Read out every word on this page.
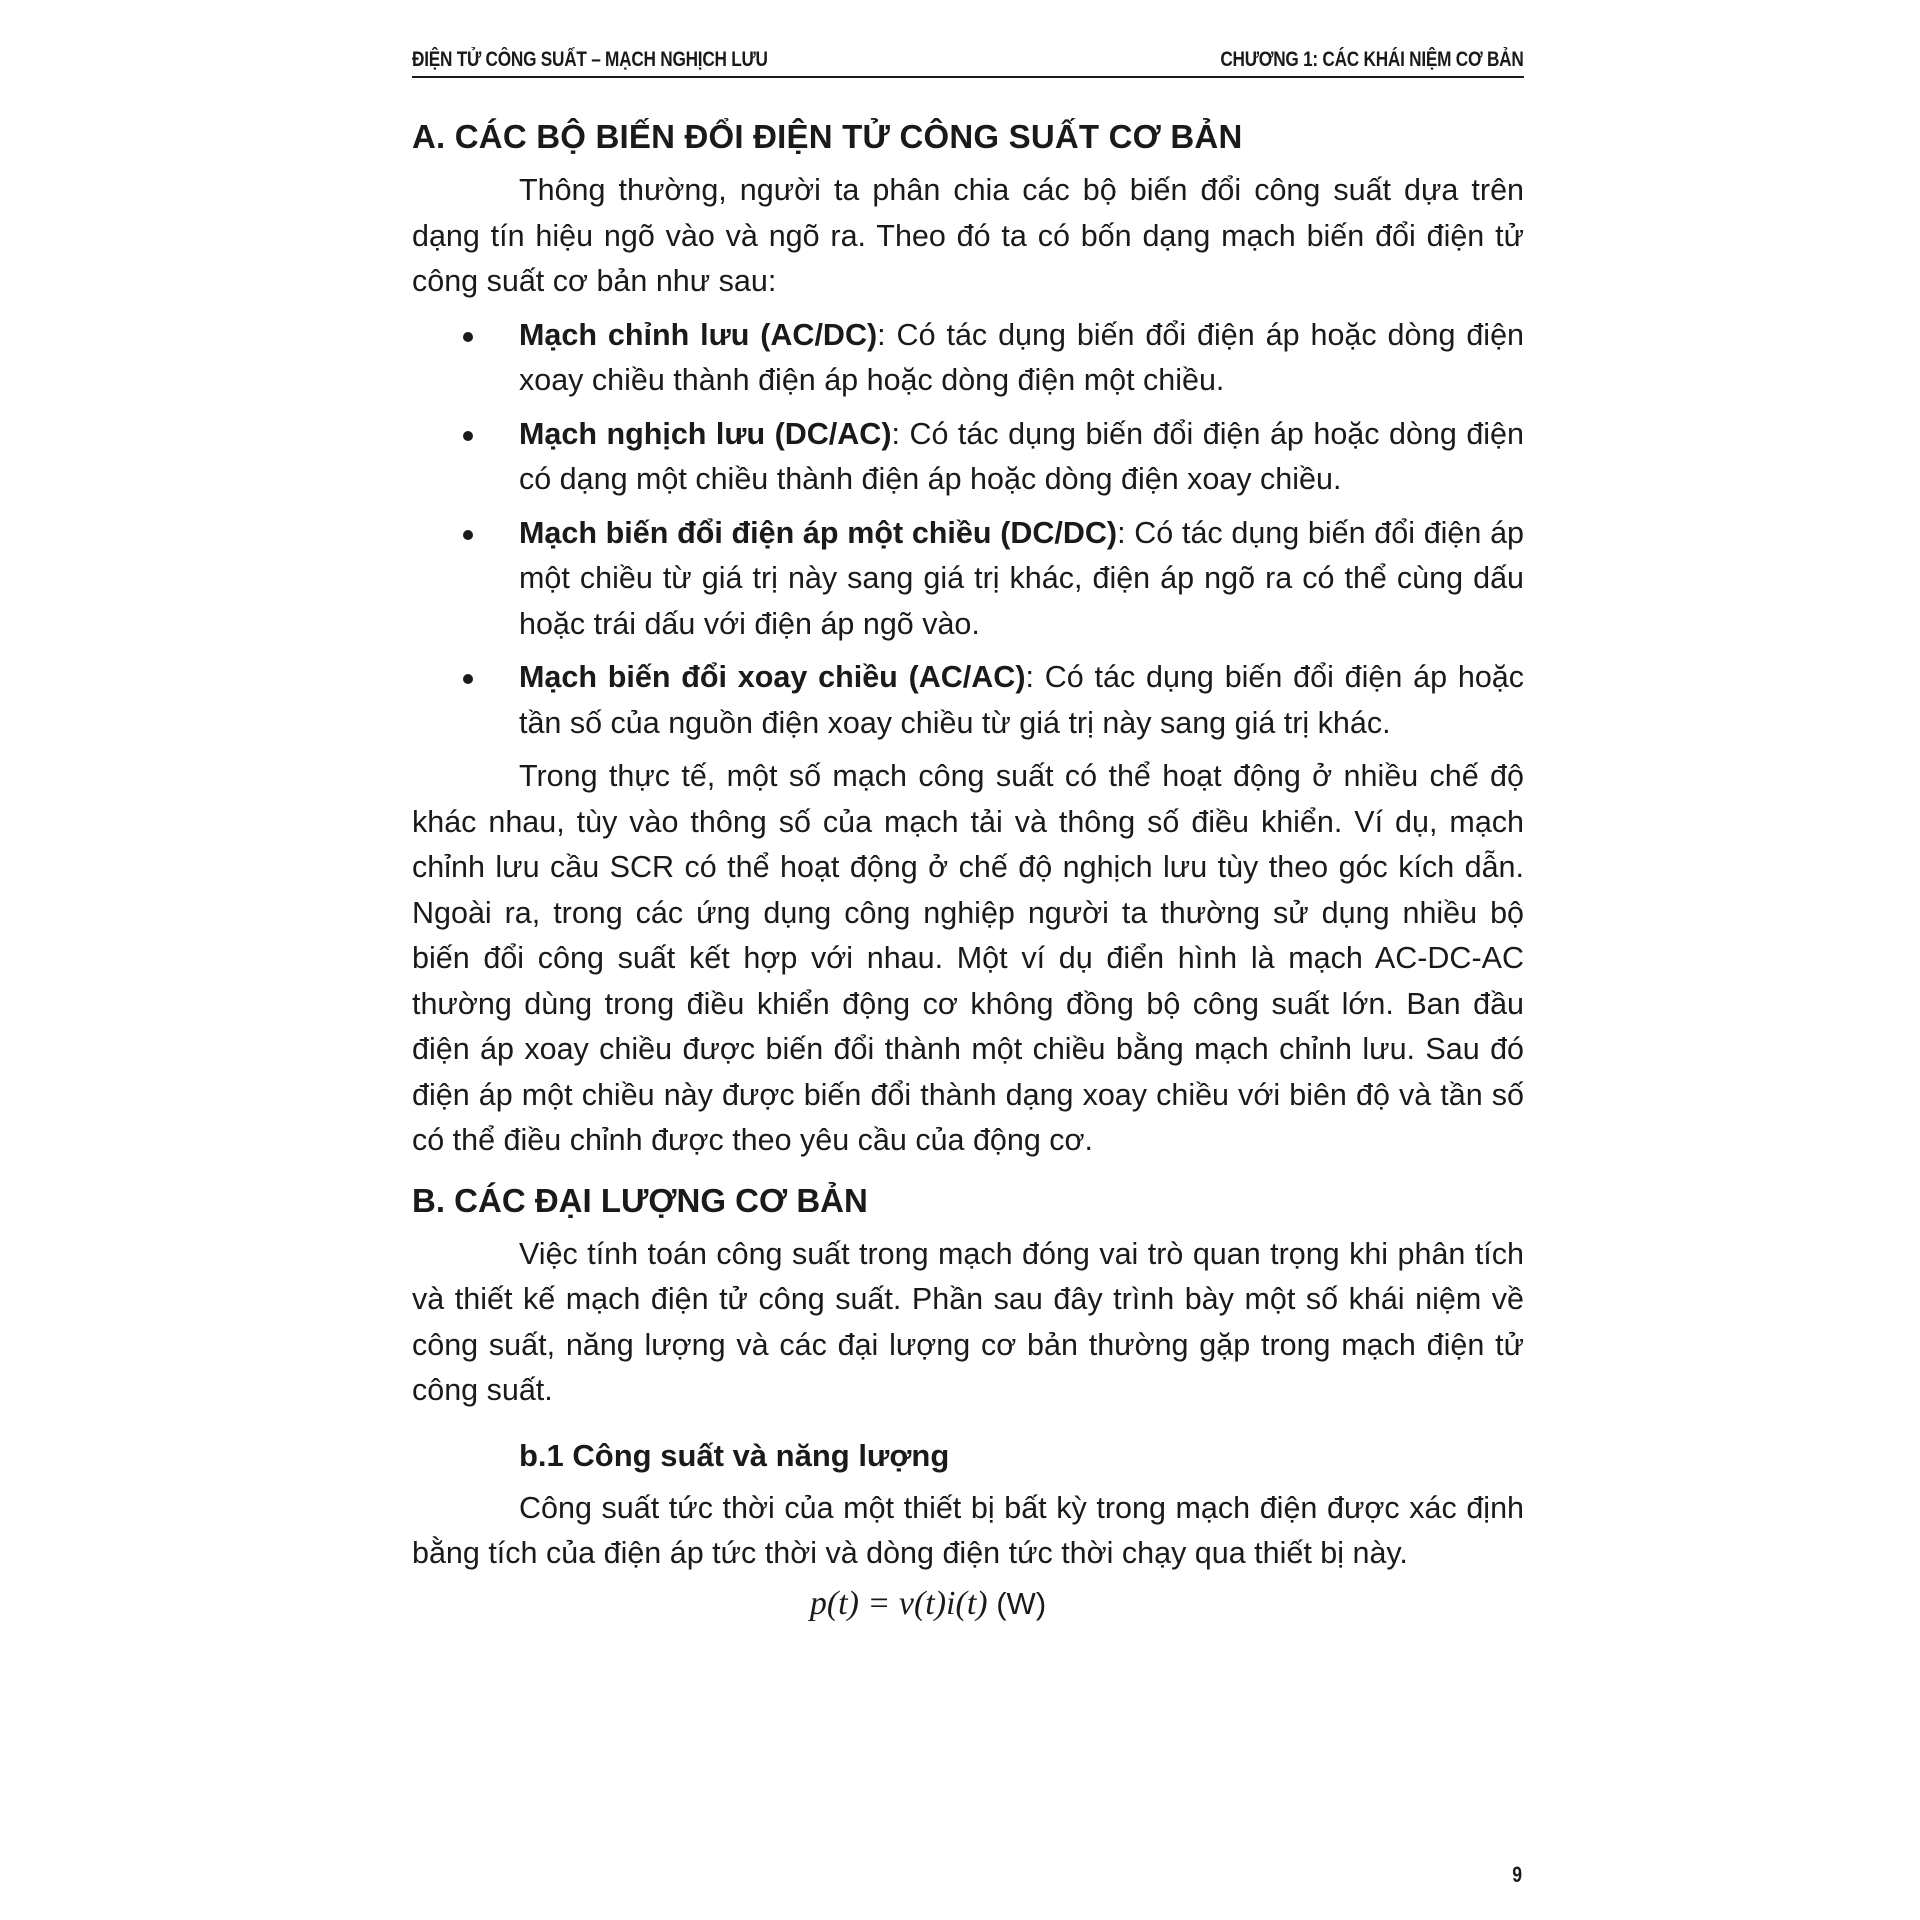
ĐIỆN TỬ CÔNG SUẤT – MẠCH NGHỊCH LƯU	CHƯƠNG 1: CÁC KHÁI NIỆM CƠ BẢN
A. CÁC BỘ BIẾN ĐỔI ĐIỆN TỬ CÔNG SUẤT CƠ BẢN

Thông thường, người ta phân chia các bộ biến đổi công suất dựa trên dạng tín hiệu ngõ vào và ngõ ra. Theo đó ta có bốn dạng mạch biến đổi điện tử công suất cơ bản như sau:

Mạch chỉnh lưu (AC/DC): Có tác dụng biến đổi điện áp hoặc dòng điện xoay chiều thành điện áp hoặc dòng điện một chiều.
Mạch nghịch lưu (DC/AC): Có tác dụng biến đổi điện áp hoặc dòng điện có dạng một chiều thành điện áp hoặc dòng điện xoay chiều.
Mạch biến đổi điện áp một chiều (DC/DC): Có tác dụng biến đổi điện áp một chiều từ giá trị này sang giá trị khác, điện áp ngõ ra có thể cùng dấu hoặc trái dấu với điện áp ngõ vào.
Mạch biến đổi xoay chiều (AC/AC): Có tác dụng biến đổi điện áp hoặc tần số của nguồn điện xoay chiều từ giá trị này sang giá trị khác.

Trong thực tế, một số mạch công suất có thể hoạt động ở nhiều chế độ khác nhau, tùy vào thông số của mạch tải và thông số điều khiển. Ví dụ, mạch chỉnh lưu cầu SCR có thể hoạt động ở chế độ nghịch lưu tùy theo góc kích dẫn. Ngoài ra, trong các ứng dụng công nghiệp người ta thường sử dụng nhiều bộ biến đổi công suất kết hợp với nhau. Một ví dụ điển hình là mạch AC-DC-AC thường dùng trong điều khiển động cơ không đồng bộ công suất lớn. Ban đầu điện áp xoay chiều được biến đổi thành một chiều bằng mạch chỉnh lưu. Sau đó điện áp một chiều này được biến đổi thành dạng xoay chiều với biên độ và tần số có thể điều chỉnh được theo yêu cầu của động cơ.

B. CÁC ĐẠI LƯỢNG CƠ BẢN

Việc tính toán công suất trong mạch đóng vai trò quan trọng khi phân tích và thiết kế mạch điện tử công suất. Phần sau đây trình bày một số khái niệm về công suất, năng lượng và các đại lượng cơ bản thường gặp trong mạch điện tử công suất.

b.1 Công suất và năng lượng

Công suất tức thời của một thiết bị bất kỳ trong mạch điện được xác định bằng tích của điện áp tức thời và dòng điện tức thời chạy qua thiết bị này.

p(t) = v(t)i(t) (W)
9
